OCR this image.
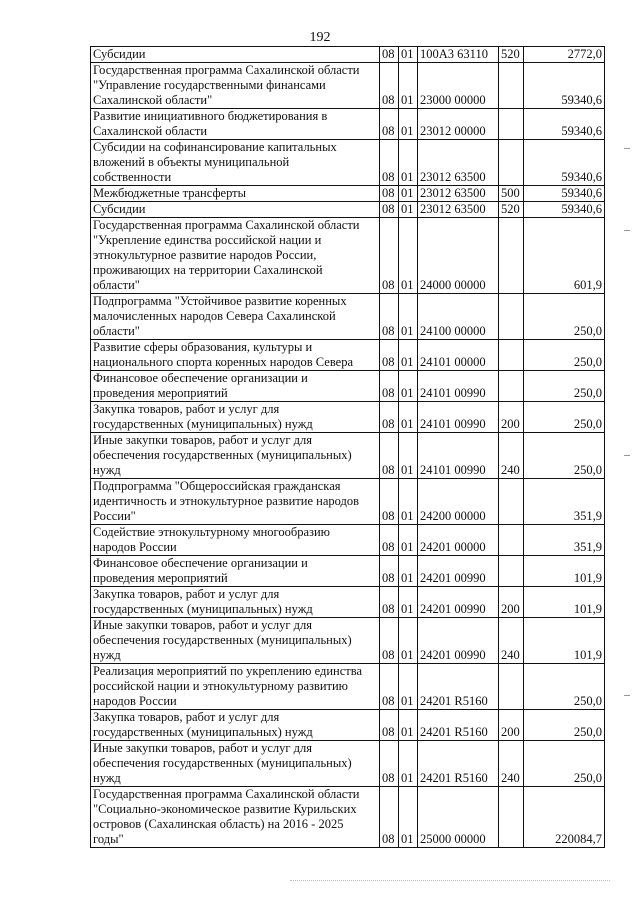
192
Субсидии	08	01	100А3 63110	520	2772,0
Государственная программа Сахалинской области
"Управление государственными финансами
Сахалинской области"	08	01	23000 00000		59340,6
Развитие инициативного бюджетирования в
Сахалинской области	08	01	23012 00000		59340,6
Субсидии на софинансирование капитальных
вложений в объекты муниципальной
собственности	08	01	23012 63500		59340,6
Межбюджетные трансферты	08	01	23012 63500	500	59340,6
Субсидии	08	01	23012 63500	520	59340,6
Государственная программа Сахалинской области
"Укрепление единства российской нации и
этнокультурное развитие народов России,
проживающих на территории Сахалинской
области"	08	01	24000 00000		601,9
Подпрограмма "Устойчивое развитие коренных
малочисленных народов Севера Сахалинской
области"	08	01	24100 00000		250,0
Развитие сферы образования, культуры и
национального спорта коренных народов Севера	08	01	24101 00000		250,0
Финансовое обеспечение организации и
проведения мероприятий	08	01	24101 00990		250,0
Закупка товаров, работ и услуг для
государственных (муниципальных) нужд	08	01	24101 00990	200	250,0
Иные закупки товаров, работ и услуг для
обеспечения государственных (муниципальных)
нужд	08	01	24101 00990	240	250,0
Подпрограмма "Общероссийская гражданская
идентичность и этнокультурное развитие народов
России"	08	01	24200 00000		351,9
Содействие этнокультурному многообразию
народов России	08	01	24201 00000		351,9
Финансовое обеспечение организации и
проведения мероприятий	08	01	24201 00990		101,9
Закупка товаров, работ и услуг для
государственных (муниципальных) нужд	08	01	24201 00990	200	101,9
Иные закупки товаров, работ и услуг для
обеспечения государственных (муниципальных)
нужд	08	01	24201 00990	240	101,9
Реализация мероприятий по укреплению единства
российской нации и этнокультурному развитию
народов России	08	01	24201 R5160		250,0
Закупка товаров, работ и услуг для
государственных (муниципальных) нужд	08	01	24201 R5160	200	250,0
Иные закупки товаров, работ и услуг для
обеспечения государственных (муниципальных)
нужд	08	01	24201 R5160	240	250,0
Государственная программа Сахалинской области
"Социально-экономическое развитие Курильских
островов (Сахалинская область) на 2016 - 2025
годы"	08	01	25000 00000		220084,7
